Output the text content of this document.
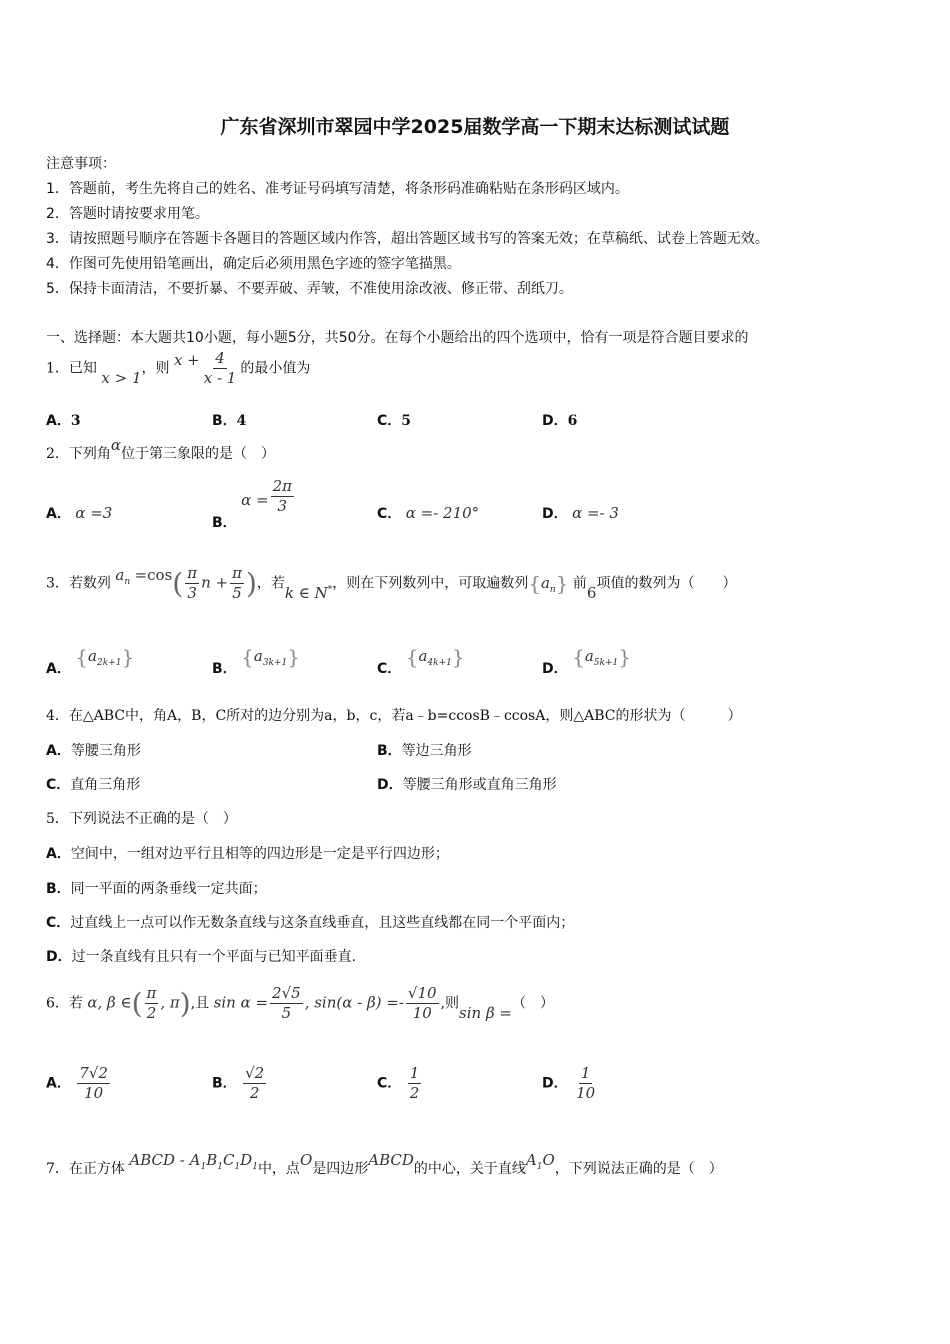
广东省深圳市翠园中学2025届数学高一下期末达标测试试题
注意事项：
1．答题前，考生先将自己的姓名、准考证号码填写清楚，将条形码准确粘贴在条形码区域内。
2．答题时请按要求用笔。
3．请按照题号顺序在答题卡各题目的答题区域内作答，超出答题区域书写的答案无效；在草稿纸、试卷上答题无效。
4．作图可先使用铅笔画出，确定后必须用黑色字迹的签字笔描黑。
5．保持卡面清洁，不要折暴、不要弄破、弄皱，不准使用涂改液、修正带、刮纸刀。
一、选择题：本大题共10小题，每小题5分，共50分。在每个小题给出的四个选项中，恰有一项是符合题目要求的
1．已知 x > 1，则 $x + \frac{4}{x - 1}$ 的最小值为
A．3	B．4	C．5	D．6
2．下列角α位于第三象限的是（　）
A． α =3
B． $\alpha = \frac{2\pi}{3}$	C． α =- 210°	D． α =- 3
3．若数列 $a_n =\cos( \frac{\pi}{3}$ $n + \frac{\pi}{5}$ )，若k ∈ N*，则在下列数列中，可取遍数列$\{a_n\}$ 前6项值的数列为（　　）
A． $\{a_{2k+1}\}$	B． $\{a_{3k+1}\}$	C． $\{a_{4k+1}\}$	D． $\{a_{5k+1}\}$
4．在△ABC中，角A，B，C所对的边分别为a，b，c，若a﹣b=ccosB﹣ccosA，则△ABC的形状为（　　　）
A．等腰三角形	B．等边三角形
C．直角三角形	D．等腰三角形或直角三角形
5．下列说法不正确的是（　）
A．空间中，一组对边平行且相等的四边形是一定是平行四边形；
B．同一平面的两条垂线一定共面；
C．过直线上一点可以作无数条直线与这条直线垂直，且这些直线都在同一个平面内；
D．过一条直线有且只有一个平面与已知平面垂直.
6．若 α, β ∈( $\frac{\pi}{2}$ , π),且 $\sin \alpha = \frac{2√5}{5}$ , $\sin(\alpha - \beta) =- \frac{√10}{10}$ ,则sin β =（　）
A． $\frac{7√2}{10}$	B． $\frac{√2}{2}$	C． $\frac{1}{2}$	D． $\frac{1}{10}$
7．在正方体 ABCD - $A_1B_1C_1D_1$中，点O是四边形ABCD的中心，关于直线$A_1O$，下列说法正确的是（　）
